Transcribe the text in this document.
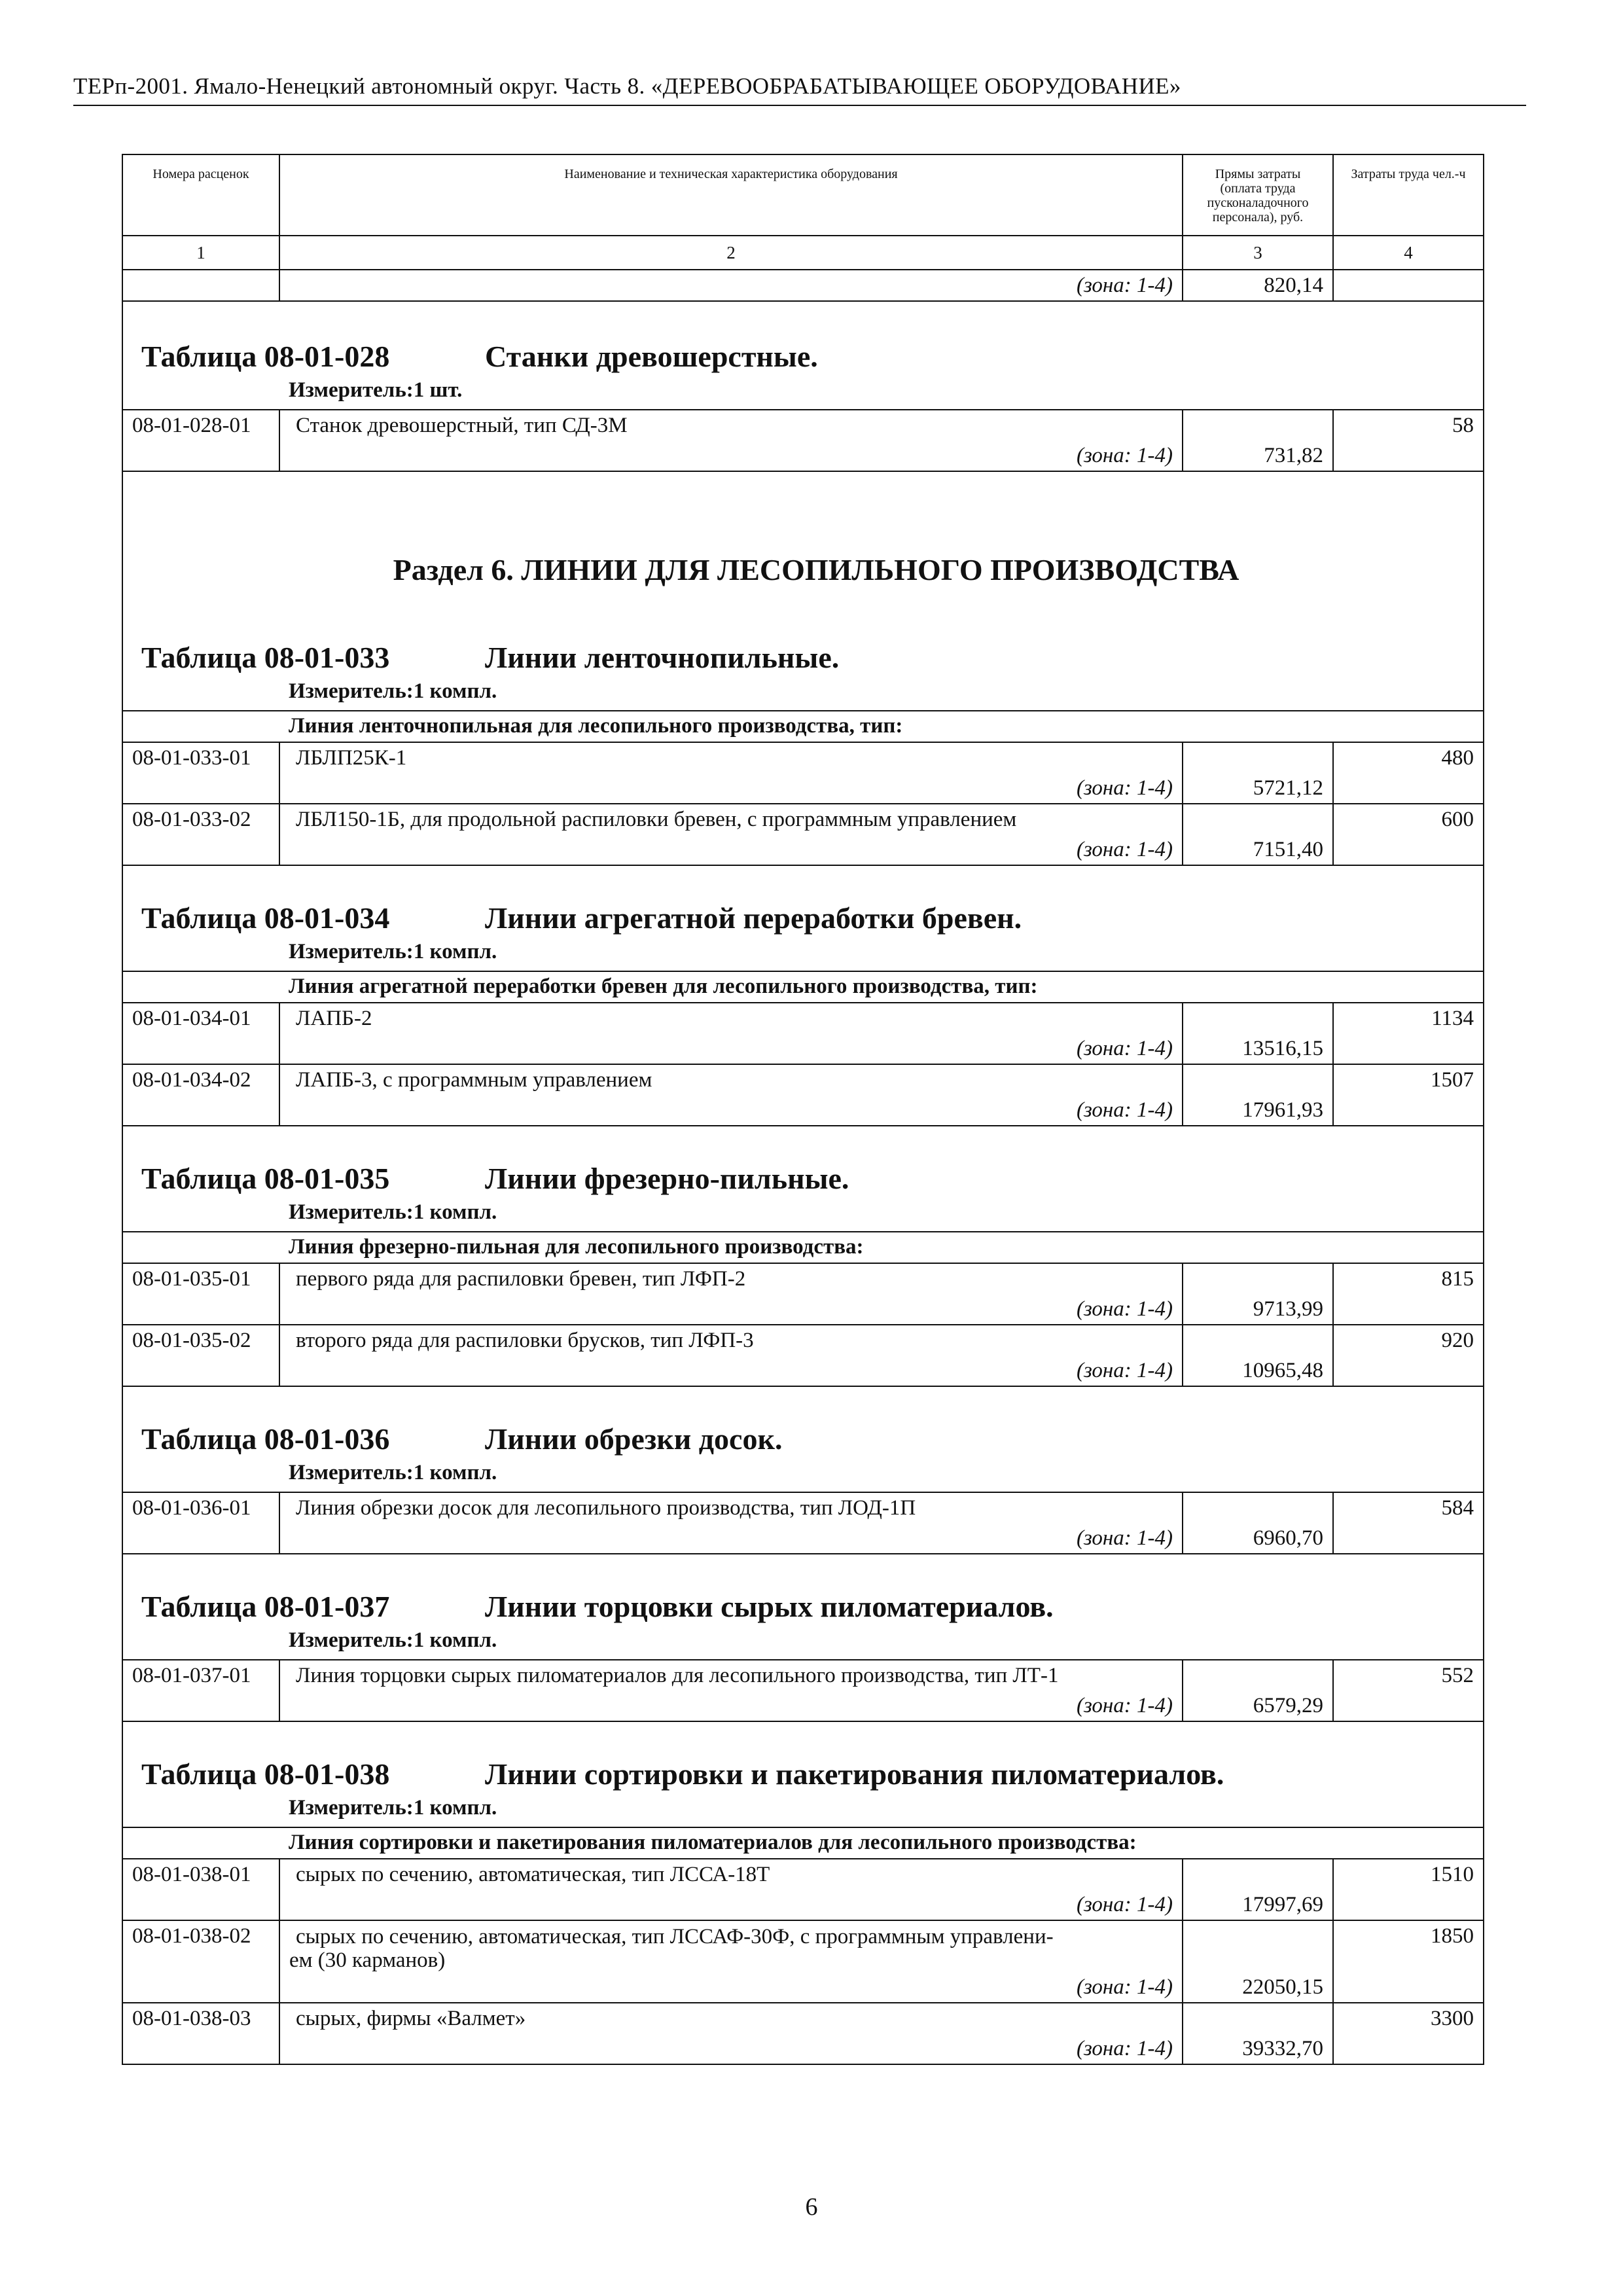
ТЕРп-2001. Ямало-Ненецкий автономный округ. Часть 8. «ДЕРЕВООБРАБАТЫВАЮЩЕЕ ОБОРУДОВАНИЕ»
Номера расценок	Наименование и техническая характеристика оборудования	Прямы затраты (оплата труда пусконаладочного персонала), руб.	Затраты труда чел.-ч
1	2	3	4
	(зона: 1-4)	820,14	

Таблица 08-01-028 Станки древошерстные.			

Измеритель:1 шт.			

08-01-028-01	Станок древошерстный, тип СД-3М		58
	(зона: 1-4)	731,82	

Раздел 6. ЛИНИИ ДЛЯ ЛЕСОПИЛЬНОГО ПРОИЗВОДСТВА			

Таблица 08-01-033 Линии ленточнопильные.			

Измеритель:1 компл.			

Линия ленточнопильная для лесопильного производства, тип:			

08-01-033-01	ЛБЛП25К-1		480
	(зона: 1-4)	5721,12	
08-01-033-02	ЛБЛ150-1Б, для продольной распиловки бревен, с программным управлением		600
	(зона: 1-4)	7151,40	

Таблица 08-01-034 Линии агрегатной переработки бревен.			

Измеритель:1 компл.			

Линия агрегатной переработки бревен для лесопильного производства, тип:			

08-01-034-01	ЛАПБ-2		1134
	(зона: 1-4)	13516,15	
08-01-034-02	ЛАПБ-3, с программным управлением		1507
	(зона: 1-4)	17961,93	

Таблица 08-01-035 Линии фрезерно-пильные.			

Измеритель:1 компл.			

Линия фрезерно-пильная для лесопильного производства:			

08-01-035-01	первого ряда для распиловки бревен, тип ЛФП-2		815
	(зона: 1-4)	9713,99	
08-01-035-02	второго ряда для распиловки брусков, тип ЛФП-3		920
	(зона: 1-4)	10965,48	

Таблица 08-01-036 Линии обрезки досок.			

Измеритель:1 компл.			

08-01-036-01	Линия обрезки досок для лесопильного производства, тип ЛОД-1П		584
	(зона: 1-4)	6960,70	

Таблица 08-01-037 Линии торцовки сырых пиломатериалов.			

Измеритель:1 компл.			

08-01-037-01	Линия торцовки сырых пиломатериалов для лесопильного производства, тип ЛТ-1		552
	(зона: 1-4)	6579,29	

Таблица 08-01-038 Линии сортировки и пакетирования пиломатериалов.			

Измеритель:1 компл.			

Линия сортировки и пакетирования пиломатериалов для лесопильного производства:			

08-01-038-01	сырых по сечению, автоматическая, тип ЛССА-18Т		1510
	(зона: 1-4)	17997,69	
08-01-038-02	сырых по сечению, автоматическая, тип ЛССАФ-30Ф, с программным управлени-
ем (30 карманов)		1850
	(зона: 1-4)	22050,15	
08-01-038-03	сырых, фирмы «Валмет»		3300
	(зона: 1-4)	39332,70	
6
